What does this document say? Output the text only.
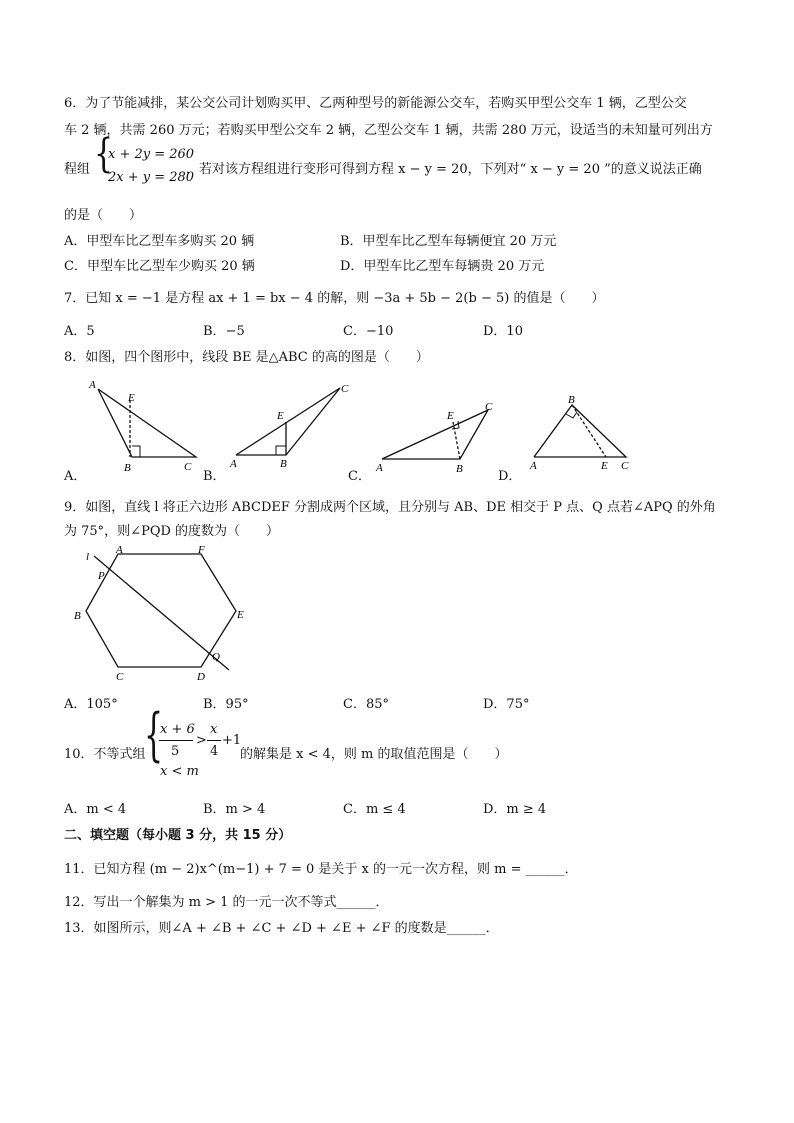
6．为了节能减排，某公交公司计划购买甲、乙两种型号的新能源公交车，若购买甲型公交车 1 辆，乙型公交
车 2 辆，共需 260 万元；若购买甲型公交车 2 辆，乙型公交车 1 辆，共需 280 万元，设适当的未知量可列出方
程组 {
x + 2y = 260
2x + y = 280
．若对该方程组进行变形可得到方程 x − y = 20，下列对“ x − y = 20 ”的意义说法正确
的是（　　）
A．甲型车比乙型车多购买 20 辆	B．甲型车比乙型车每辆便宜 20 万元
C．甲型车比乙型车少购买 20 辆	D．甲型车比乙型车每辆贵 20 万元
7．已知 x = −1 是方程 ax + 1 = bx − 4 的解，则 −3a + 5b − 2(b − 5) 的值是（　　）
A．5	B．−5	C．−10	D．10
8．如图，四个图形中，线段 BE 是△ABC 的高的图是（　　）
A
E
B	C	A	B
C
E
A	B
C
E
A
B
E C
A．	B．	C．	D．
9．如图，直线 l 将正六边形 ABCDEF 分割成两个区域，且分别与 AB、DE 相交于 P 点、Q 点若∠APQ 的外角
为 75°，则∠PQD 的度数为（　　）
l
A	F
P
B	E
Q
C	D
A．105°	B．95°	C．85°	D．75°
10．不等式组
{
x + 6
5
>
x
4
+1
x < m
的解集是 x < 4，则 m 的取值范围是（　　）
A．m < 4	B．m > 4	C．m ≤ 4	D．m ≥ 4
二、填空题（每小题 3 分，共 15 分）
11．已知方程 (m − 2)x^(m−1) + 7 = 0 是关于 x 的一元一次方程，则 m = ______．
12．写出一个解集为 m > 1 的一元一次不等式______．
13．如图所示，则∠A + ∠B + ∠C + ∠D + ∠E + ∠F 的度数是______．
